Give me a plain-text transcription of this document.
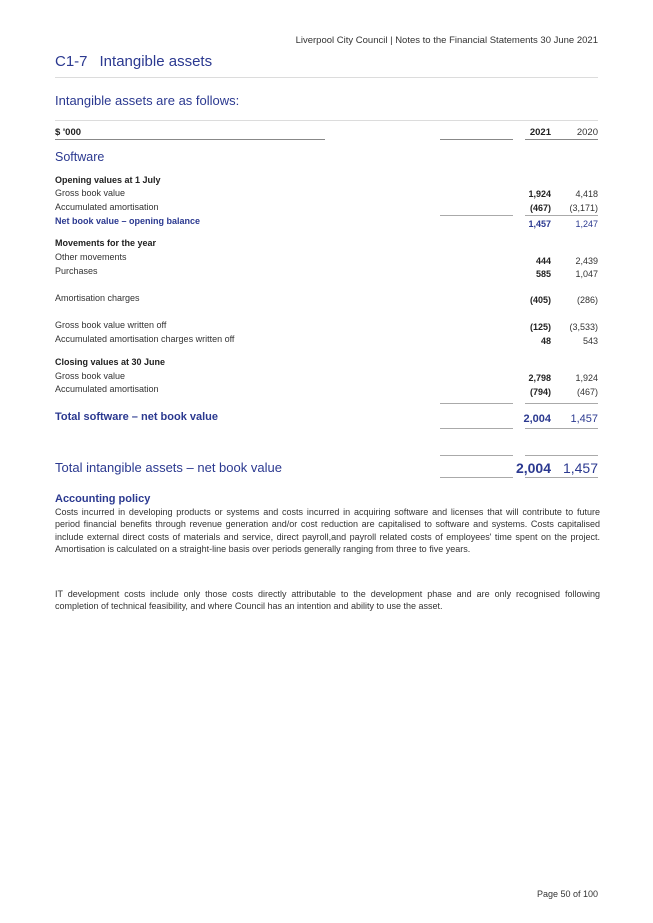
Liverpool City Council | Notes to the Financial Statements 30 June 2021
C1-7 Intangible assets
Intangible assets are as follows:
$ '000	2021	2020
Software
Opening values at 1 July
Gross book value	1,924	4,418
Accumulated amortisation	(467) (3,171)
Net book value – opening balance	1,457	1,247
Movements for the year
Other movements	444	2,439
Purchases	585	1,047
Amortisation charges	(405)	(286)
Gross book value written off	(125) (3,533)
Accumulated amortisation charges written off	48	543
Closing values at 30 June
Gross book value	2,798	1,924
Accumulated amortisation	(794)	(467)
Total software – net book value	2,004 1,457
Total intangible assets – net book value	2,004 1,457
Accounting policy
Costs incurred in developing products or systems and costs incurred in acquiring software and licenses that will contribute to future period financial benefits through revenue generation and/or cost reduction are capitalised to software and systems. Costs capitalised include external direct costs of materials and service, direct payroll,and payroll related costs of employees' time spent on the project. Amortisation is calculated on a straight-line basis over periods generally ranging from three to five years.
IT development costs include only those costs directly attributable to the development phase and are only recognised following completion of technical feasibility, and where Council has an intention and ability to use the asset.
Page 50 of 100
